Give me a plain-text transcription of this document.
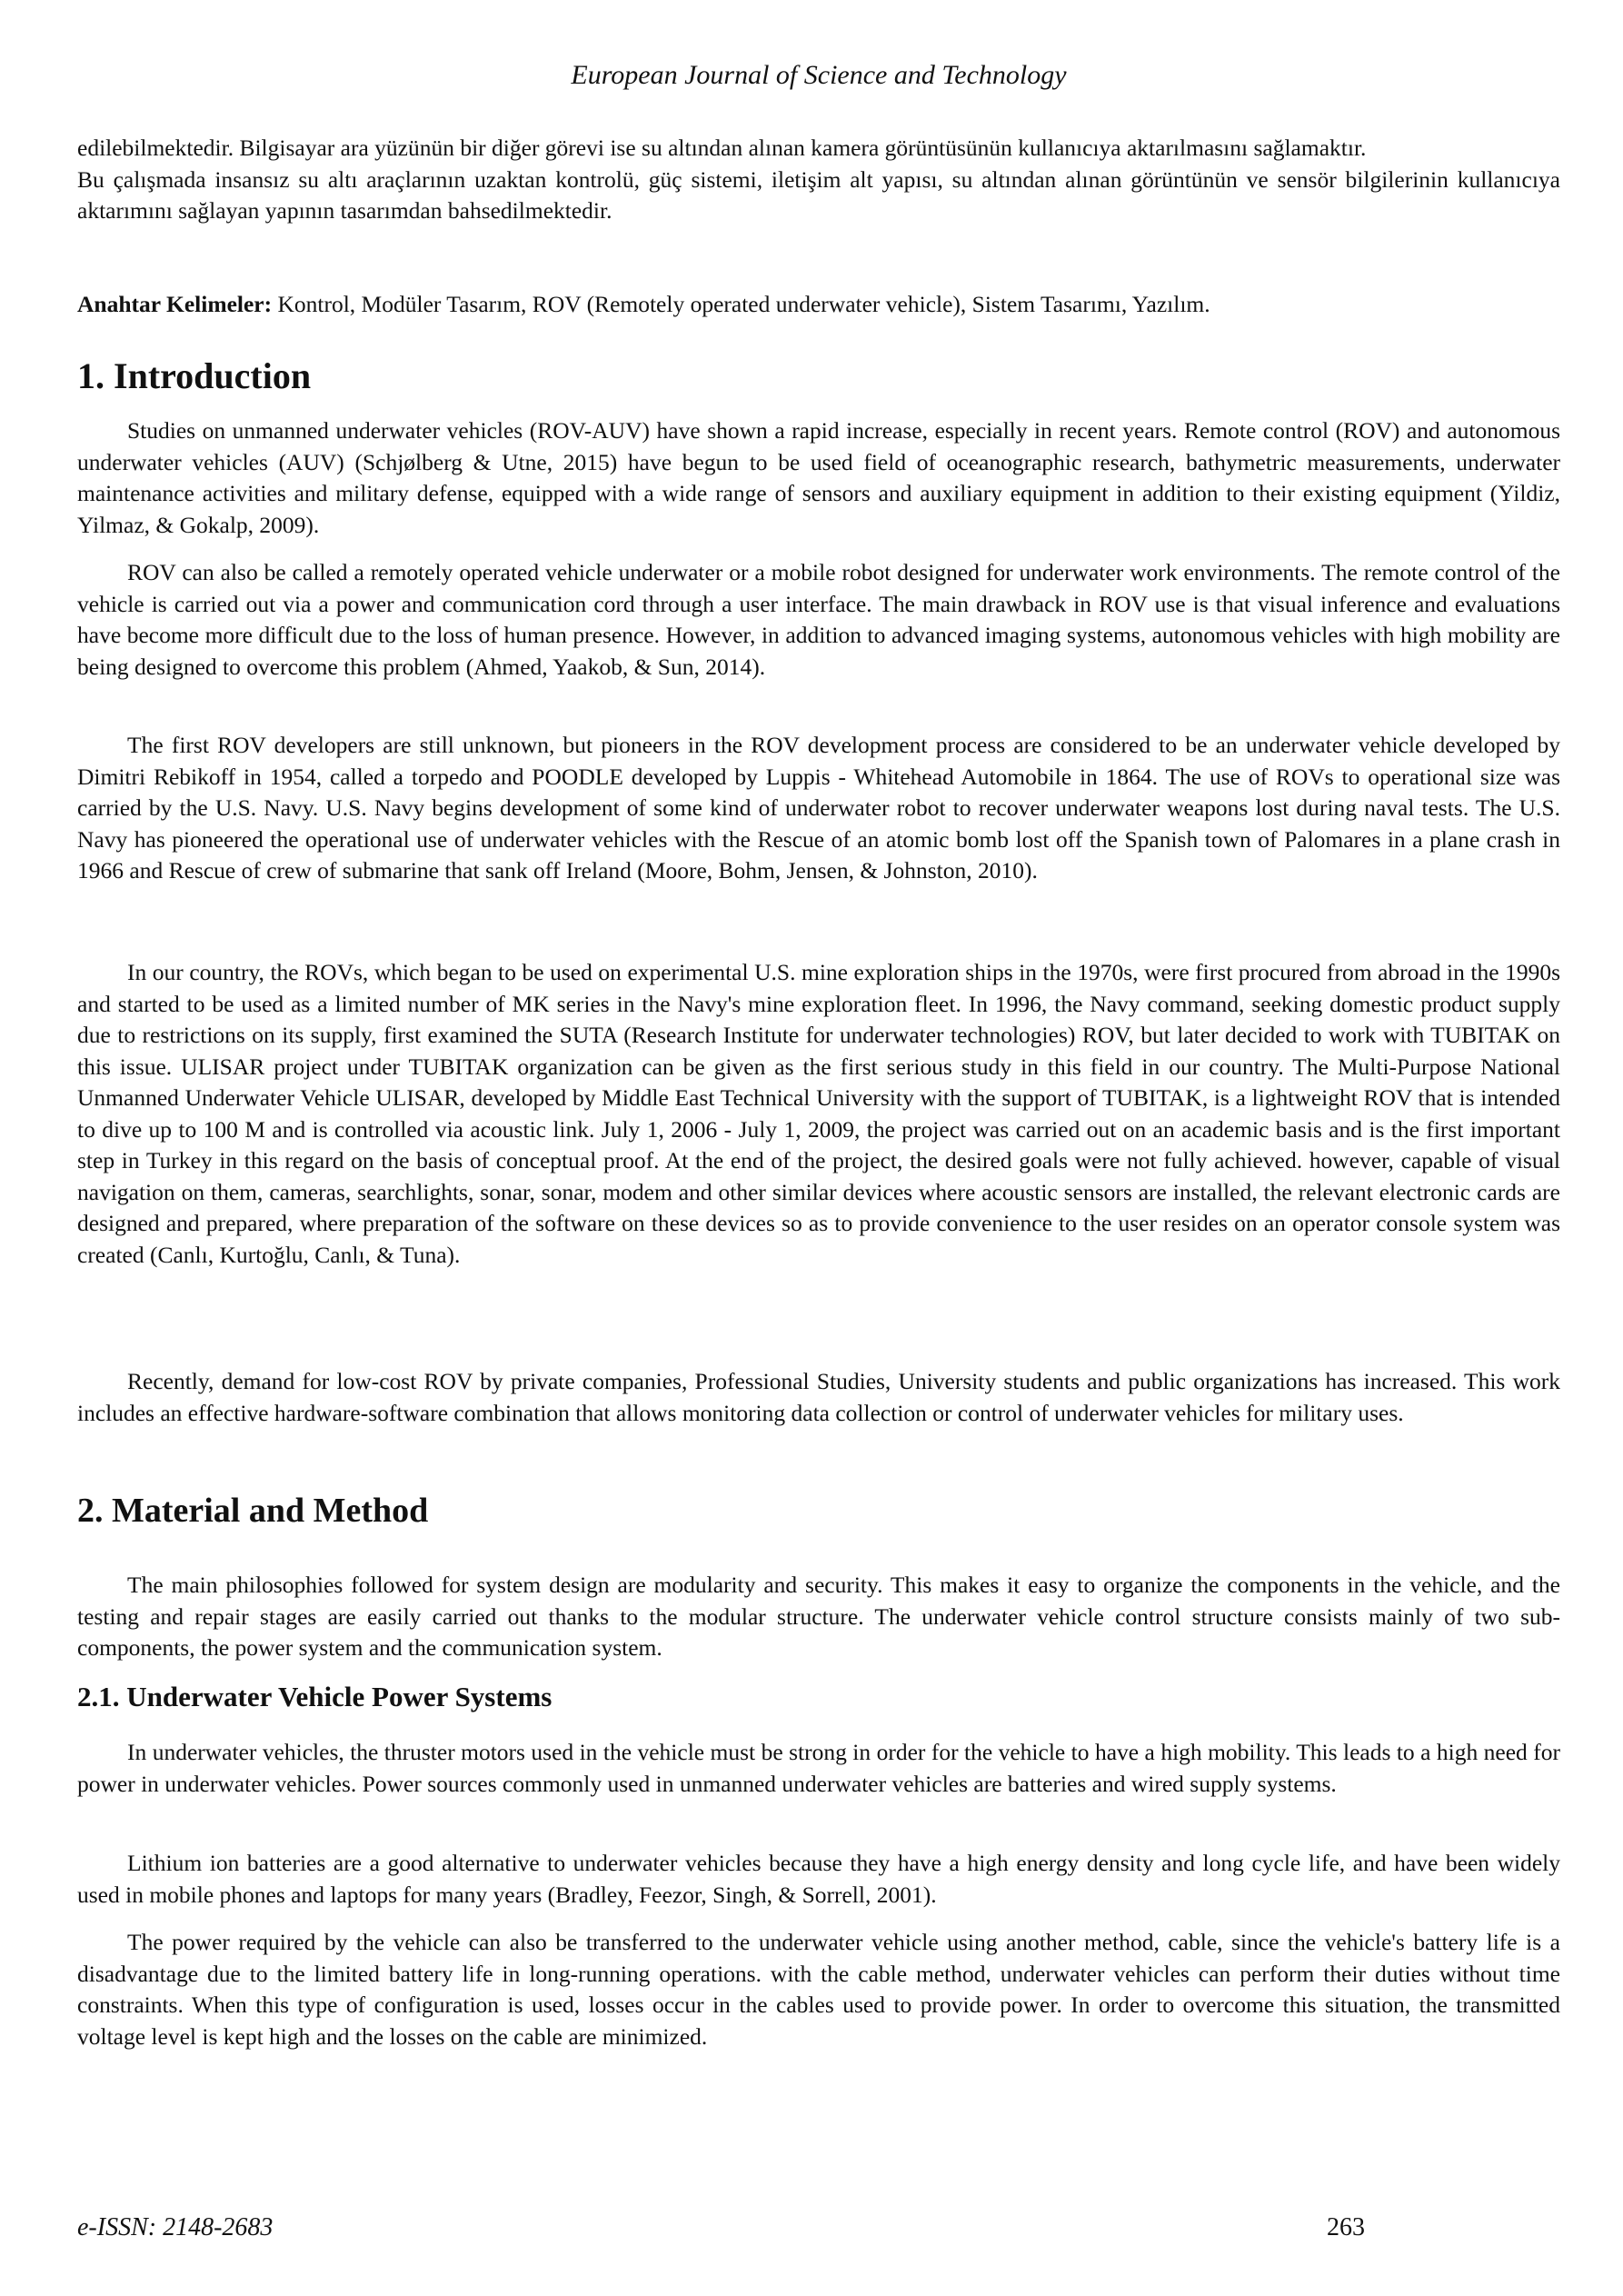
European Journal of Science and Technology

edilebilmektedir. Bilgisayar ara yüzünün bir diğer görevi ise su altından alınan kamera görüntüsünün kullanıcıya aktarılmasını sağlamaktır.

Bu çalışmada insansız su altı araçlarının uzaktan kontrolü, güç sistemi, iletişim alt yapısı, su altından alınan görüntünün ve sensör bilgilerinin kullanıcıya aktarımını sağlayan yapının tasarımdan bahsedilmektedir.

Anahtar Kelimeler: Kontrol, Modüler Tasarım, ROV (Remotely operated underwater vehicle), Sistem Tasarımı, Yazılım.
1. Introduction

Studies on unmanned underwater vehicles (ROV-AUV) have shown a rapid increase, especially in recent years. Remote control (ROV) and autonomous underwater vehicles (AUV) (Schjølberg & Utne, 2015) have begun to be used field of oceanographic research, bathymetric measurements, underwater maintenance activities and military defense, equipped with a wide range of sensors and auxiliary equipment in addition to their existing equipment (Yildiz, Yilmaz, & Gokalp, 2009).

ROV can also be called a remotely operated vehicle underwater or a mobile robot designed for underwater work environments. The remote control of the vehicle is carried out via a power and communication cord through a user interface. The main drawback in ROV use is that visual inference and evaluations have become more difficult due to the loss of human presence. However, in addition to advanced imaging systems, autonomous vehicles with high mobility are being designed to overcome this problem (Ahmed, Yaakob, & Sun, 2014).

The first ROV developers are still unknown, but pioneers in the ROV development process are considered to be an underwater vehicle developed by Dimitri Rebikoff in 1954, called a torpedo and POODLE developed by Luppis - Whitehead Automobile in 1864. The use of ROVs to operational size was carried by the U.S. Navy. U.S. Navy begins development of some kind of underwater robot to recover underwater weapons lost during naval tests. The U.S. Navy has pioneered the operational use of underwater vehicles with the Rescue of an atomic bomb lost off the Spanish town of Palomares in a plane crash in 1966 and Rescue of crew of submarine that sank off Ireland (Moore, Bohm, Jensen, & Johnston, 2010).

In our country, the ROVs, which began to be used on experimental U.S. mine exploration ships in the 1970s, were first procured from abroad in the 1990s and started to be used as a limited number of MK series in the Navy's mine exploration fleet. In 1996, the Navy command, seeking domestic product supply due to restrictions on its supply, first examined the SUTA (Research Institute for underwater technologies) ROV, but later decided to work with TUBITAK on this issue. ULISAR project under TUBITAK organization can be given as the first serious study in this field in our country. The Multi-Purpose National Unmanned Underwater Vehicle ULISAR, developed by Middle East Technical University with the support of TUBITAK, is a lightweight ROV that is intended to dive up to 100 M and is controlled via acoustic link. July 1, 2006 - July 1, 2009, the project was carried out on an academic basis and is the first important step in Turkey in this regard on the basis of conceptual proof. At the end of the project, the desired goals were not fully achieved. however, capable of visual navigation on them, cameras, searchlights, sonar, sonar, modem and other similar devices where acoustic sensors are installed, the relevant electronic cards are designed and prepared, where preparation of the software on these devices so as to provide convenience to the user resides on an operator console system was created (Canlı, Kurtoğlu, Canlı, & Tuna).

Recently, demand for low-cost ROV by private companies, Professional Studies, University students and public organizations has increased. This work includes an effective hardware-software combination that allows monitoring data collection or control of underwater vehicles for military uses.

2. Material and Method

The main philosophies followed for system design are modularity and security. This makes it easy to organize the components in the vehicle, and the testing and repair stages are easily carried out thanks to the modular structure. The underwater vehicle control structure consists mainly of two sub-components, the power system and the communication system.

2.1. Underwater Vehicle Power Systems

In underwater vehicles, the thruster motors used in the vehicle must be strong in order for the vehicle to have a high mobility. This leads to a high need for power in underwater vehicles. Power sources commonly used in unmanned underwater vehicles are batteries and wired supply systems.

Lithium ion batteries are a good alternative to underwater vehicles because they have a high energy density and long cycle life, and have been widely used in mobile phones and laptops for many years (Bradley, Feezor, Singh, & Sorrell, 2001).

The power required by the vehicle can also be transferred to the underwater vehicle using another method, cable, since the vehicle's battery life is a disadvantage due to the limited battery life in long-running operations. with the cable method, underwater vehicles can perform their duties without time constraints. When this type of configuration is used, losses occur in the cables used to provide power. In order to overcome this situation, the transmitted voltage level is kept high and the losses on the cable are minimized.

e-ISSN: 2148-2683	263
